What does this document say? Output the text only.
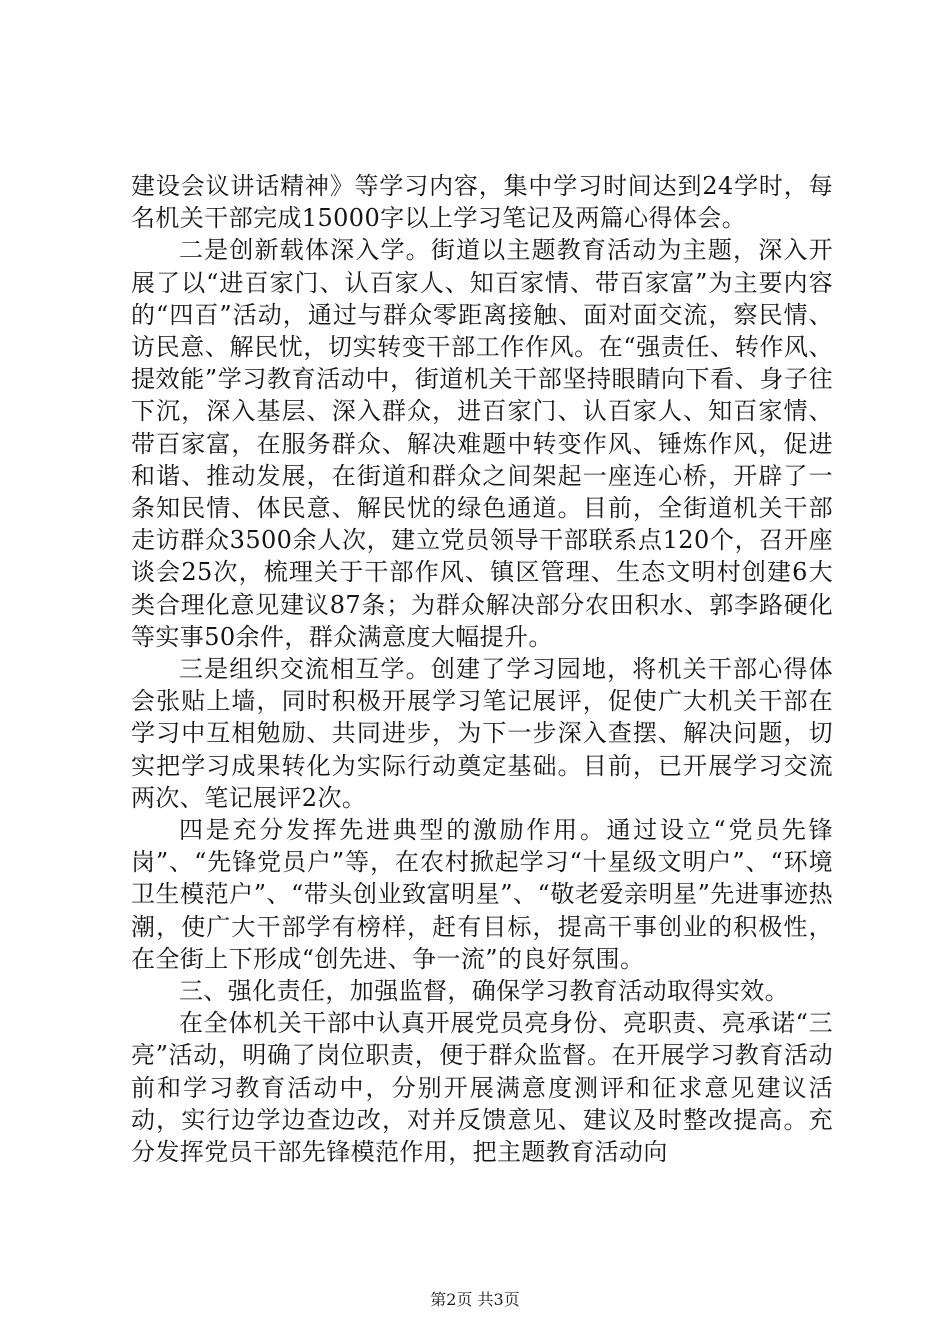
建设会议讲话精神》等学习内容，集中学习时间达到24学时，每名机关干部完成15000字以上学习笔记及两篇心得体会。

二是创新载体深入学。街道以主题教育活动为主题，深入开展了以“进百家门、认百家人、知百家情、带百家富”为主要内容的“四百”活动，通过与群众零距离接触、面对面交流，察民情、访民意、解民忧，切实转变干部工作作风。在“强责任、转作风、提效能”学习教育活动中，街道机关干部坚持眼睛向下看、身子往下沉，深入基层、深入群众，进百家门、认百家人、知百家情、带百家富，在服务群众、解决难题中转变作风、锤炼作风，促进和谐、推动发展，在街道和群众之间架起一座连心桥，开辟了一条知民情、体民意、解民忧的绿色通道。目前，全街道机关干部走访群众3500余人次，建立党员领导干部联系点120个，召开座谈会25次，梳理关于干部作风、镇区管理、生态文明村创建6大类合理化意见建议87条；为群众解决部分农田积水、郭李路硬化等实事50余件，群众满意度大幅提升。

三是组织交流相互学。创建了学习园地，将机关干部心得体会张贴上墙，同时积极开展学习笔记展评，促使广大机关干部在学习中互相勉励、共同进步，为下一步深入查摆、解决问题，切实把学习成果转化为实际行动奠定基础。目前，已开展学习交流两次、笔记展评2次。

四是充分发挥先进典型的激励作用。通过设立“党员先锋岗”、“先锋党员户”等，在农村掀起学习“十星级文明户”、“环境卫生模范户”、“带头创业致富明星”、“敬老爱亲明星”先进事迹热潮，使广大干部学有榜样，赶有目标，提高干事创业的积极性，在全街上下形成“创先进、争一流”的良好氛围。

三、强化责任，加强监督，确保学习教育活动取得实效。

在全体机关干部中认真开展党员亮身份、亮职责、亮承诺“三亮”活动，明确了岗位职责，便于群众监督。在开展学习教育活动前和学习教育活动中，分别开展满意度测评和征求意见建议活动，实行边学边查边改，对并反馈意见、建议及时整改提高。充分发挥党员干部先锋模范作用，把主题教育活动向

第2页 共3页
